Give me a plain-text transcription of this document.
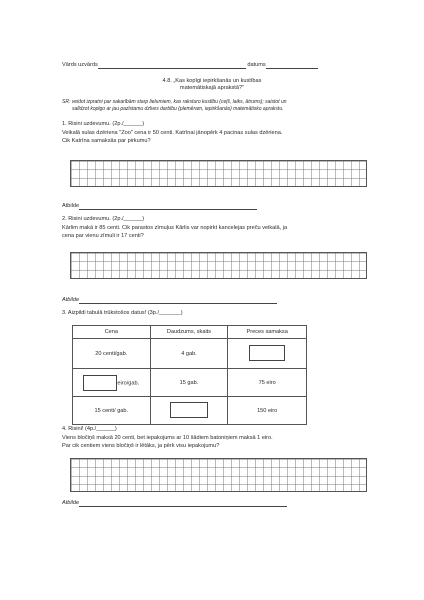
Vārds uzvārds	datums
4.8. „Kas kopīgi iepirkšanās un kustības
matemātiskajā aprakstā?"
SR: veidot izpratni par sakarībām starp lielumiem, kas raksturo kustību (ceļš, laiks, ātrums); saistot un
salīdzot kopīgo ar jau pazīstamu dzīves darbību (plemēram, iepirkšanās) matemātisko aprakstu.
1. Risini uzdevumu. (2p./______)
Veikalā sulas dzēriena "Zoo" cena ir 50 centi. Katrīnai jānopērk 4 pacinas sulas dzēriena.
Cik Katrīna samaksās par pirkumu?
Atbilde
2. Risini uzdevumu. (2p./______)
Kārlim makā ir 85 centi. Cik parastos zīmuļus Kārlis var nopirkt kancelejas preču veikalā, ja
cena par vienu zīmuli ir 17 centi?
Atbilde
3. Aizpildi tabulā trūkstošos datus! (3p./_______)
Cena	Daudzums, skaits	Preces samaksa
20 centi/gab.	4 gab.	
eiro/gab.	15 gab.	75 eiro
15 centi/ gab.		150 eiro
4. Risini! (4p./______)
Viens bločiņš maksā 20 centi, bet iepakojums ar 10 šādiem batoniņiem maksā 1 eiro.
Par cik centiem viens bločiņš ir lētāks, ja pērk visu iepakojumu?
Atbilde
